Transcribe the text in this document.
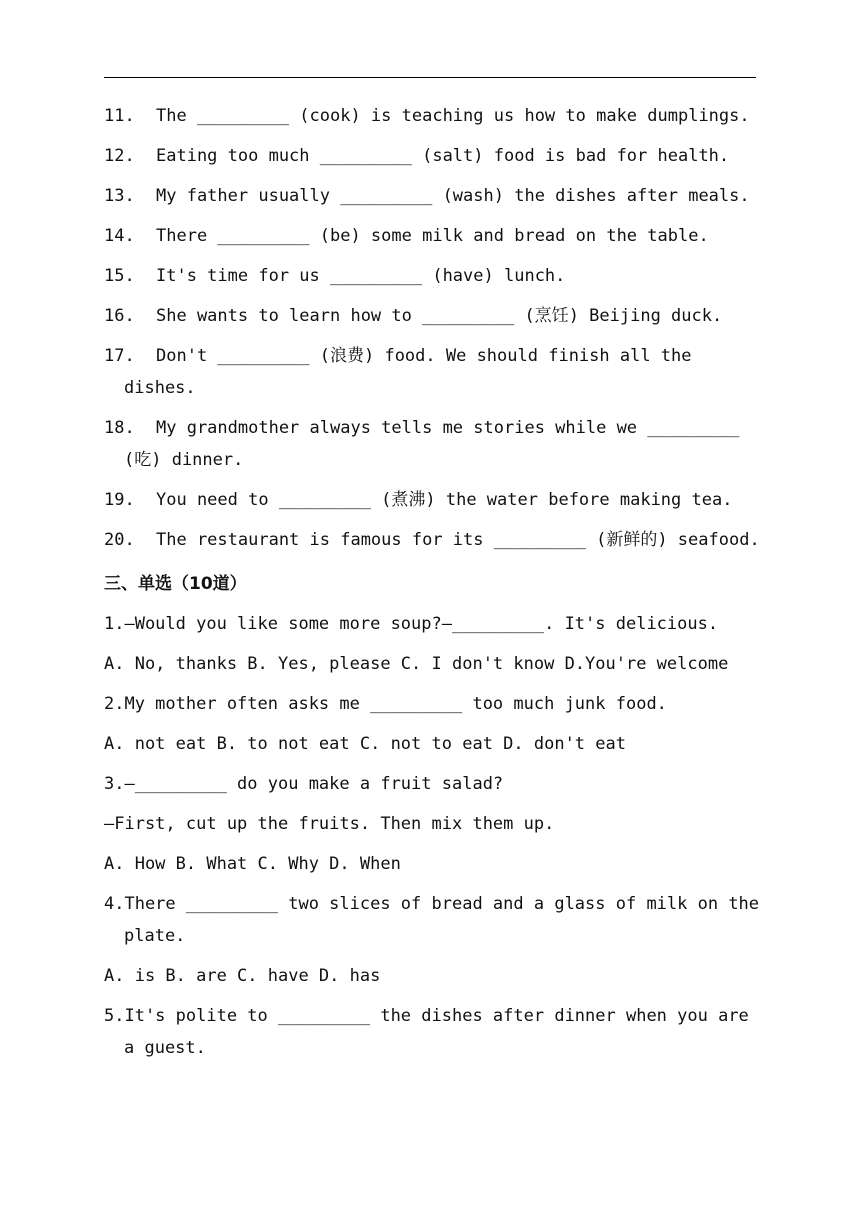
11.	The _________ (cook) is teaching us how to make dumplings.
12.	Eating too much _________ (salt) food is bad for health.
13.	My father usually _________ (wash) the dishes after meals.
14.	There _________ (be) some milk and bread on the table.
15.	It's time for us _________ (have) lunch.
16.	She wants to learn how to _________ (烹饪) Beijing duck.
17. Don't _________ (浪费) food. We should finish all the
dishes.
18. My grandmother always tells me stories while we _________
(吃) dinner.
19.	You need to _________ (煮沸) the water before making tea.
20.	The restaurant is famous for its _________ (新鲜的) seafood.
三、单选（10道）
1.—Would you like some more soup?—_________. It's delicious.
A. No, thanks B. Yes, please C. I don't know D.You're welcome
2.My mother often asks me _________ too much junk food.
A. not eat B. to not eat C. not to eat D. don't eat
3.—_________ do you make a fruit salad?
—First, cut up the fruits. Then mix them up.
A. How B. What C. Why D. When
4.There _________ two slices of bread and a glass of milk on the
plate.
A. is B. are C. have D. has
5.It's polite to _________ the dishes after dinner when you are
a guest.
